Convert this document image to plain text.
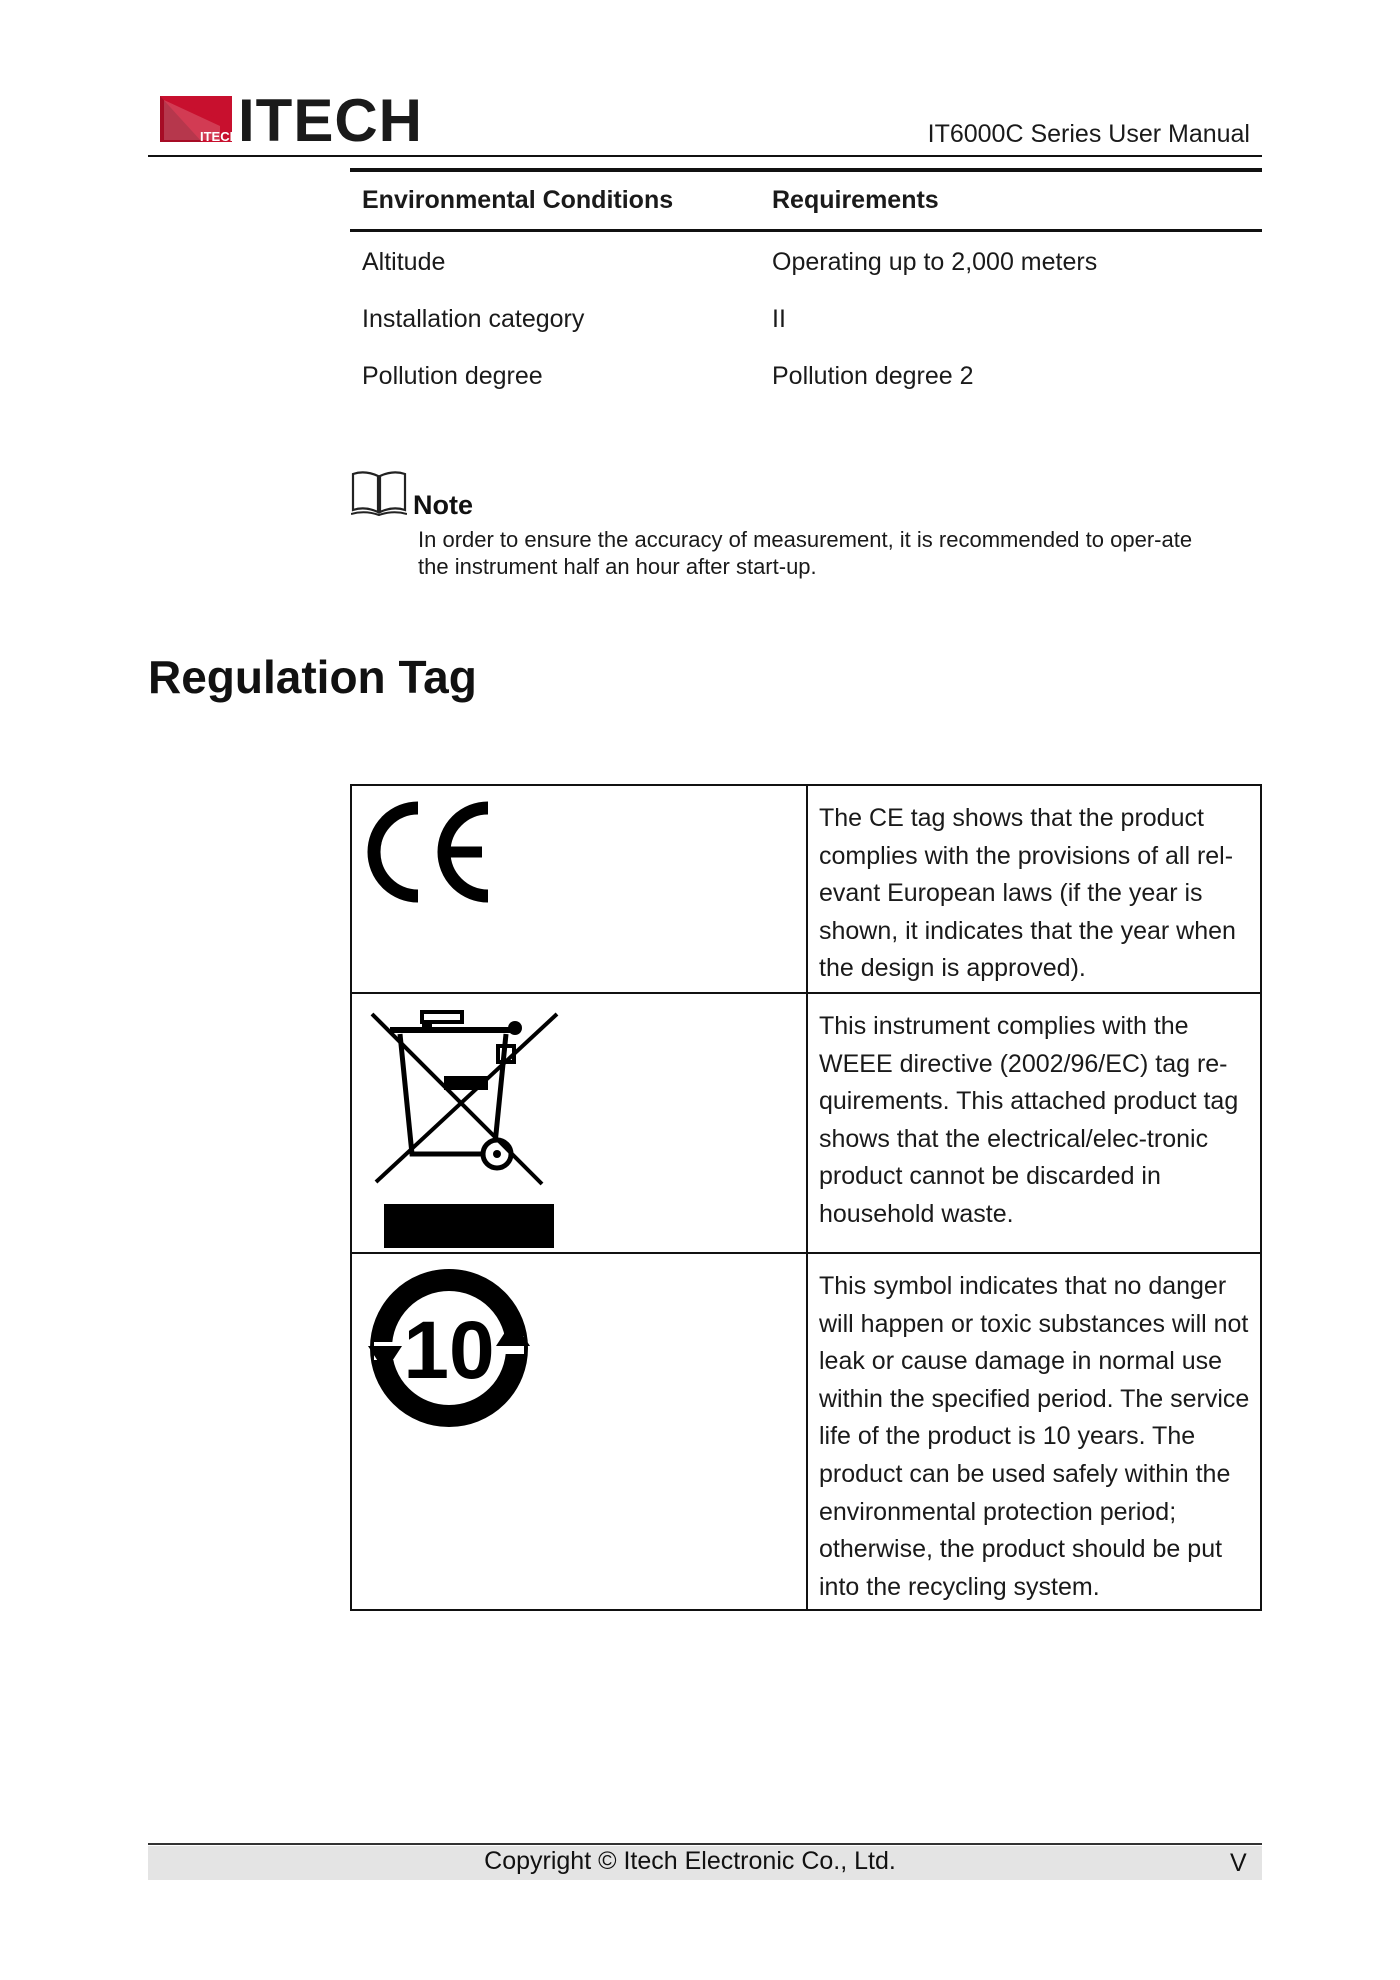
ITECH ITECH	IT6000C Series User Manual
Environmental Conditions	Requirements
Altitude	Operating up to 2,000 meters
Installation category	II
Pollution degree	Pollution degree 2
Note
In order to ensure the accuracy of measurement, it is recommended to oper-ate the instrument half an hour after start-up.
Regulation Tag
The CE tag shows that the product complies with the provisions of all rel-evant European laws (if the year is shown, it indicates that the year when the design is approved).
This instrument complies with the WEEE directive (2002/96/EC) tag re-quirements. This attached product tag shows that the electrical/elec-tronic product cannot be discarded in household waste.
10
This symbol indicates that no danger will happen or toxic substances will not leak or cause damage in normal use within the specified period. The service life of the product is 10 years. The product can be used safely within the environmental protection period; otherwise, the product should be put into the recycling system.
Copyright © Itech Electronic Co., Ltd.	V
